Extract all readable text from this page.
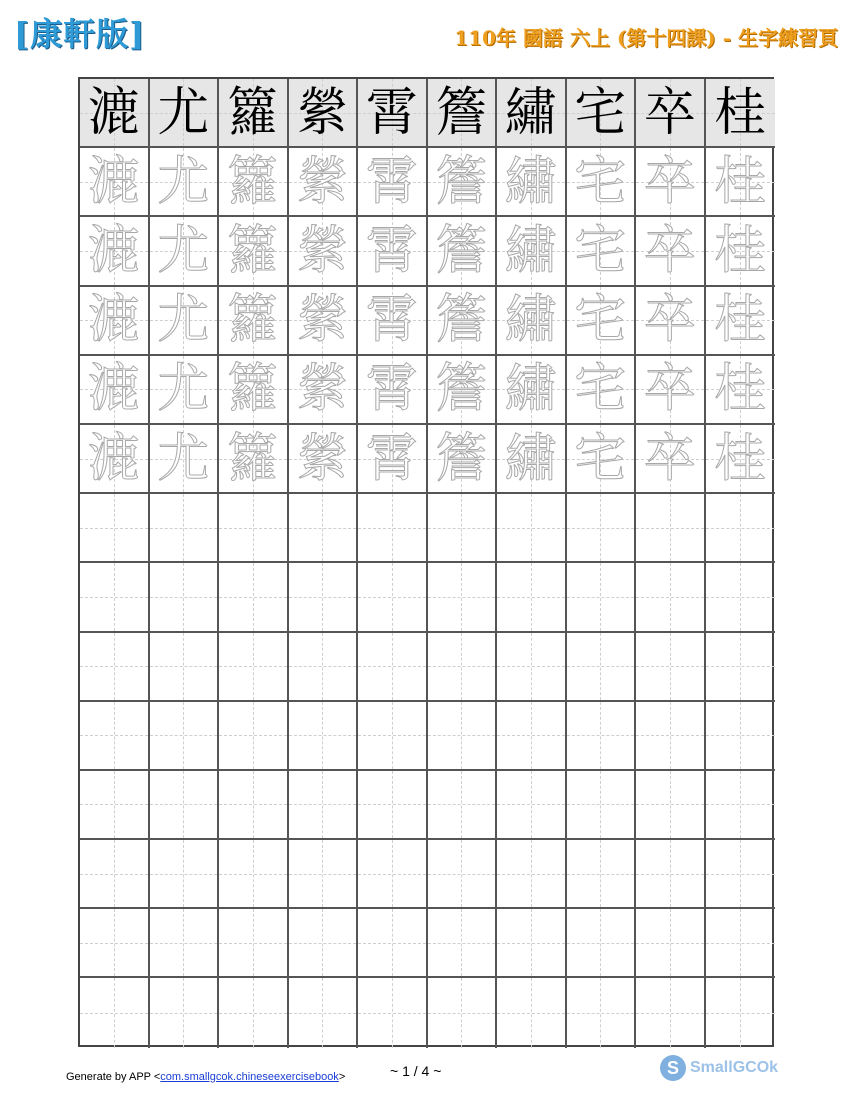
[康軒版]	110年 國語 六上 (第十四課) - 生字練習頁
漉 尤 籮 縈 霄 簷 繡 宅 卒 桂
漉 尤 籮 縈 霄 簷 繡 宅 卒 桂
漉 尤 籮 縈 霄 簷 繡 宅 卒 桂
漉 尤 籮 縈 霄 簷 繡 宅 卒 桂
漉 尤 籮 縈 霄 簷 繡 宅 卒 桂
漉 尤 籮 縈 霄 簷 繡 宅 卒 桂
Generate by APP <com.smallgcok.chineseexercisebook>	~ 1 / 4 ~	S SmallGCOk
